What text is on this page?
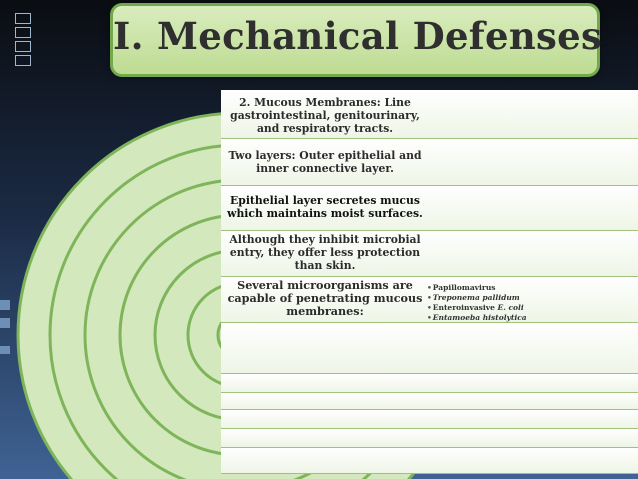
I. Mechanical Defenses
2. Mucous Membranes: Line gastrointestinal, genitourinary, and respiratory tracts.
Two layers: Outer epithelial and inner connective layer.
Epithelial layer secretes mucus which maintains moist surfaces.
Although they inhibit microbial entry, they offer less protection than skin.
Several microorganisms are capable of penetrating mucous membranes:
•Papillomavirus
•Treponema pallidum
•Enteroinvasive E. coli
•Entamoeba histolytica
